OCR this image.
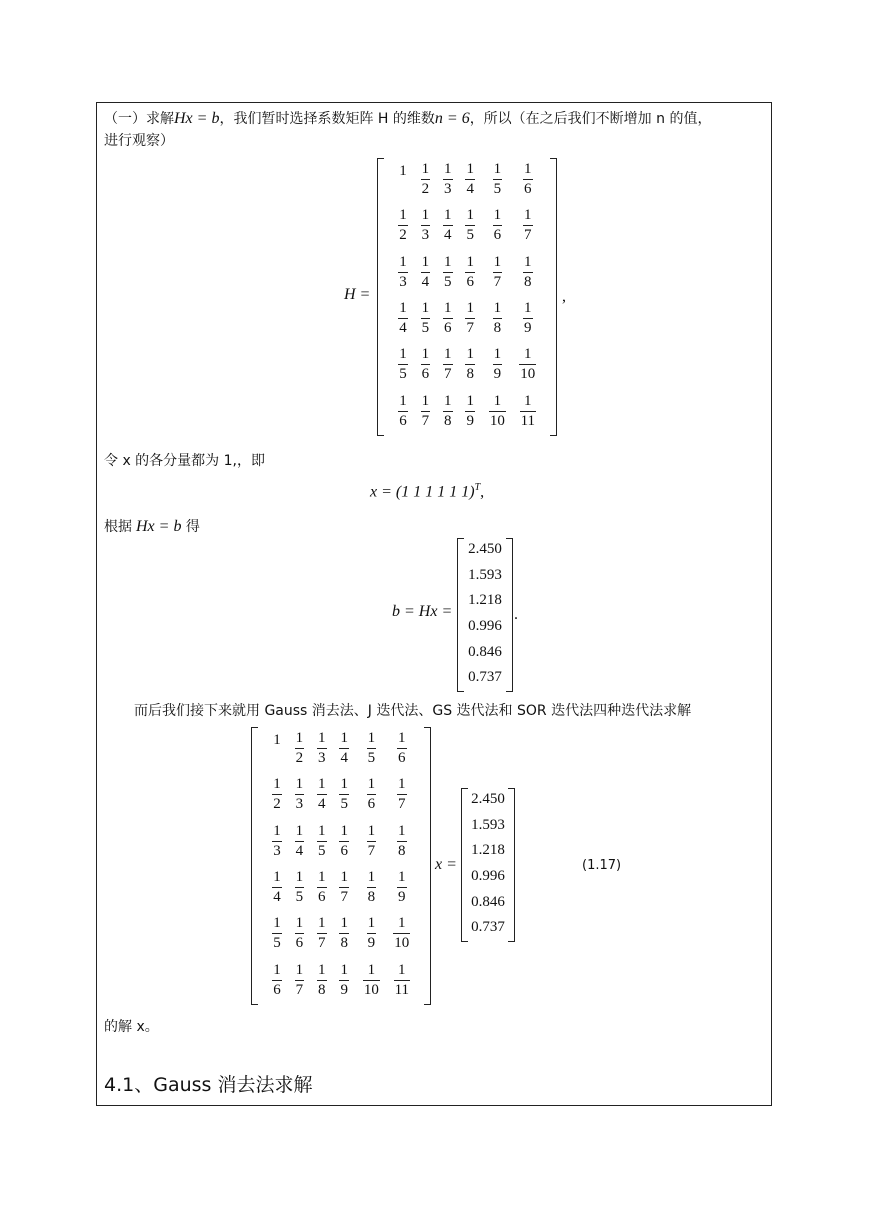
（一）求解Hx = b，我们暂时选择系数矩阵 H 的维数n = 6，所以（在之后我们不断增加 n 的值，
进行观察）
H =
1 1
2
1
3
1
4
1
5
1
6
1
2
1
3
1
4
1
5
1
6
1
7
1
3
1
4
1
5
1
6
1
7
1
8
1
4
1
5
1
6
1
7
1
8
1
9
1
5
1
6
1
7
1
8
1
9
1
10
1
6
1
7
1
8
1
9
1
10
1
11
,
令 x 的各分量都为 1,，即
x = (1 1 1 1 1 1)$^T$,
根据 Hx = b 得
b = Hx =
2.450
1.593
1.218
0.996
0.846
0.737
.
而后我们接下来就用 Gauss 消去法、J 迭代法、GS 迭代法和 SOR 迭代法四种迭代法求解
1 1
2
1
3
1
4
1
5
1
6
1
2
1
3
1
4
1
5
1
6
1
7
1
3
1
4
1
5
1
6
1
7
1
8
1
4
1
5
1
6
1
7
1
8
1
9
1
5
1
6
1
7
1
8
1
9
1
10
1
6
1
7
1
8
1
9
1
10
1
11
x =
2.450
1.593
1.218
0.996
0.846
0.737
(1.17)
的解 x。
4.1、Gauss 消去法求解
